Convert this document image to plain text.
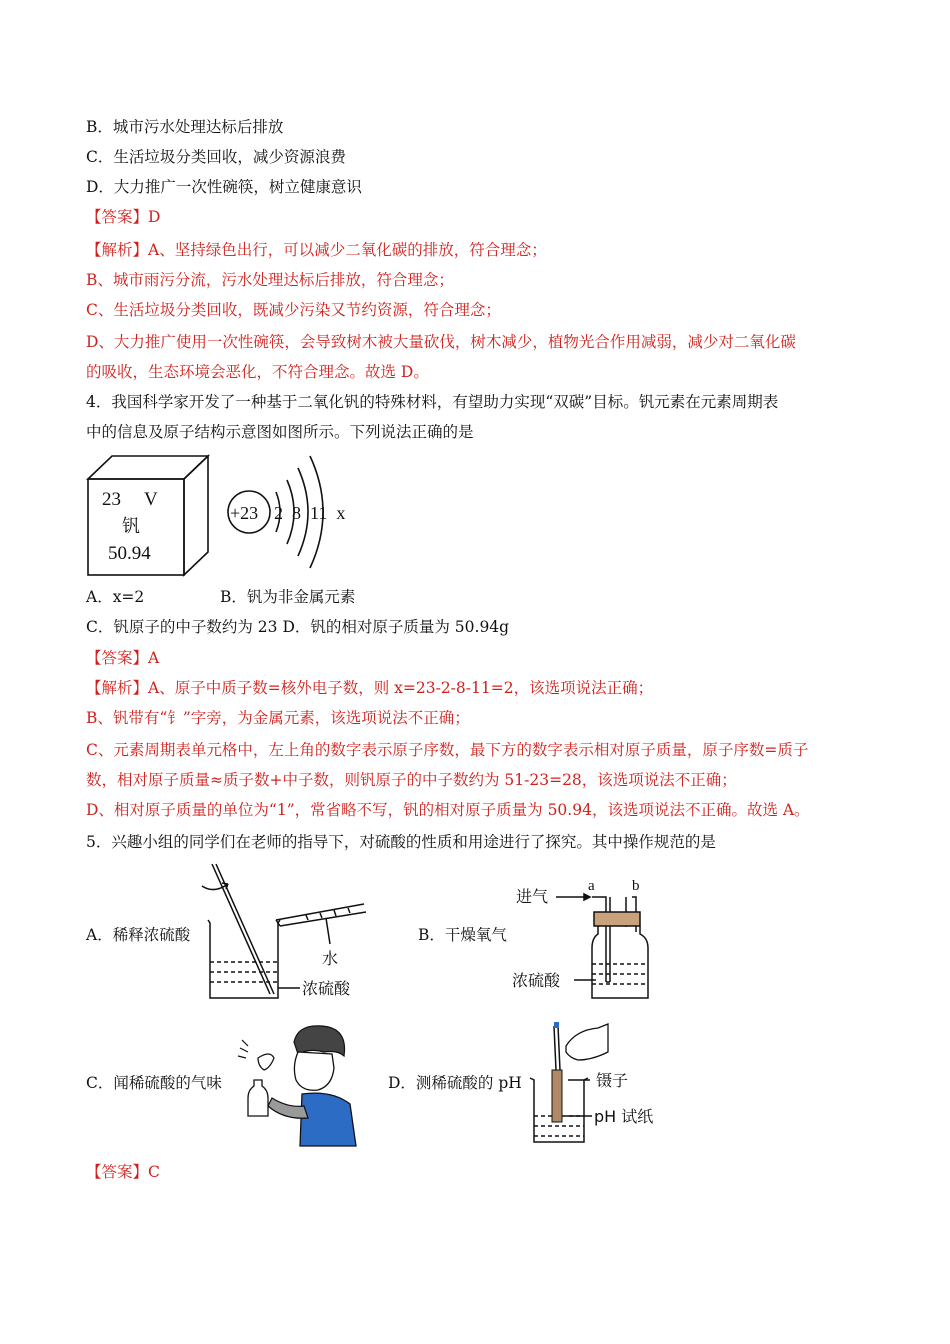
B．城市污水处理达标后排放
C．生活垃圾分类回收，减少资源浪费
D．大力推广一次性碗筷，树立健康意识
【答案】D
【解析】A、坚持绿色出行，可以减少二氧化碳的排放，符合理念；
B、城市雨污分流，污水处理达标后排放，符合理念；
C、生活垃圾分类回收，既减少污染又节约资源，符合理念；
D、大力推广使用一次性碗筷，会导致树木被大量砍伐，树木减少，植物光合作用减弱，减少对二氧化碳
的吸收，生态环境会恶化，不符合理念。故选 D。
4．我国科学家开发了一种基于二氧化钒的特殊材料，有望助力实现“双碳”目标。钒元素在元素周期表
中的信息及原子结构示意图如图所示。下列说法正确的是
23 V
钒
50.94
+23 2  8  11  x
A．x=2	B．钒为非金属元素
C．钒原子的中子数约为 23 D．钒的相对原子质量为 50.94g
【答案】A
【解析】A、原子中质子数=核外电子数，则 x=23-2-8-11=2，该选项说法正确；
B、钒带有“钅”字旁，为金属元素，该选项说法不正确；
C、元素周期表单元格中，左上角的数字表示原子序数，最下方的数字表示相对原子质量，原子序数=质子
数，相对原子质量≈质子数+中子数，则钒原子的中子数约为 51-23=28，该选项说法不正确；
D、相对原子质量的单位为“1”，常省略不写，钒的相对原子质量为 50.94，该选项说法不正确。故选 A。
5．兴趣小组的同学们在老师的指导下，对硫酸的性质和用途进行了探究。其中操作规范的是
A．稀释浓硫酸
水
浓硫酸
B．干燥氧气
进气
a b
浓硫酸
C．闻稀硫酸的气味	D．测稀硫酸的 pH	镊子
pH 试纸
【答案】C
